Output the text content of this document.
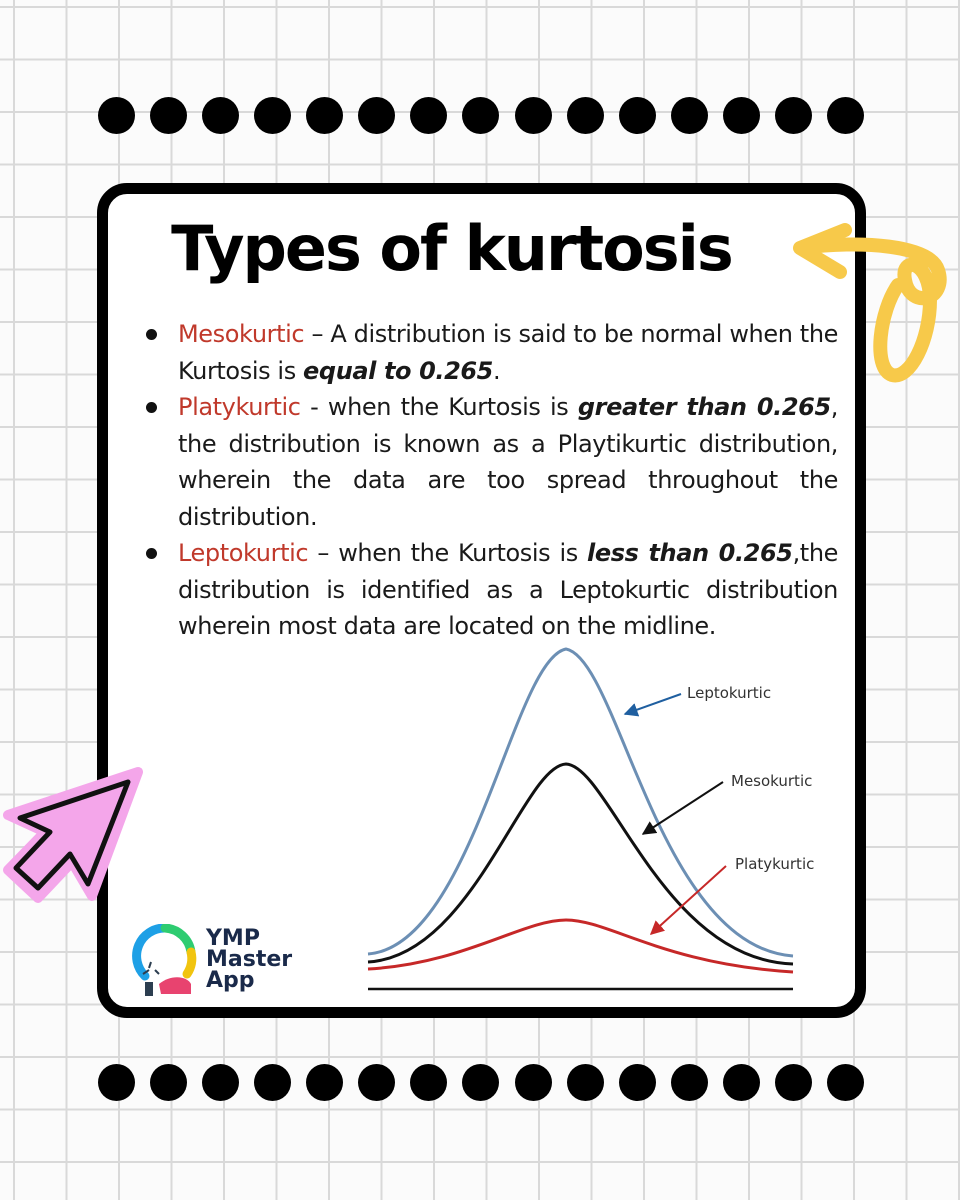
Types of kurtosis
Mesokurtic – A distribution is said to be normal when the Kurtosis is equal to 0.265.
Platykurtic - when the Kurtosis is greater than 0.265, the distribution is known as a Playtikurtic distribution, wherein the data are too spread throughout the distribution.
Leptokurtic – when the Kurtosis is less than 0.265,the distribution is identified as a Leptokurtic distribution wherein most data are located on the midline.
Leptokurtic
Mesokurtic
Platykurtic

YMP
Master
App
